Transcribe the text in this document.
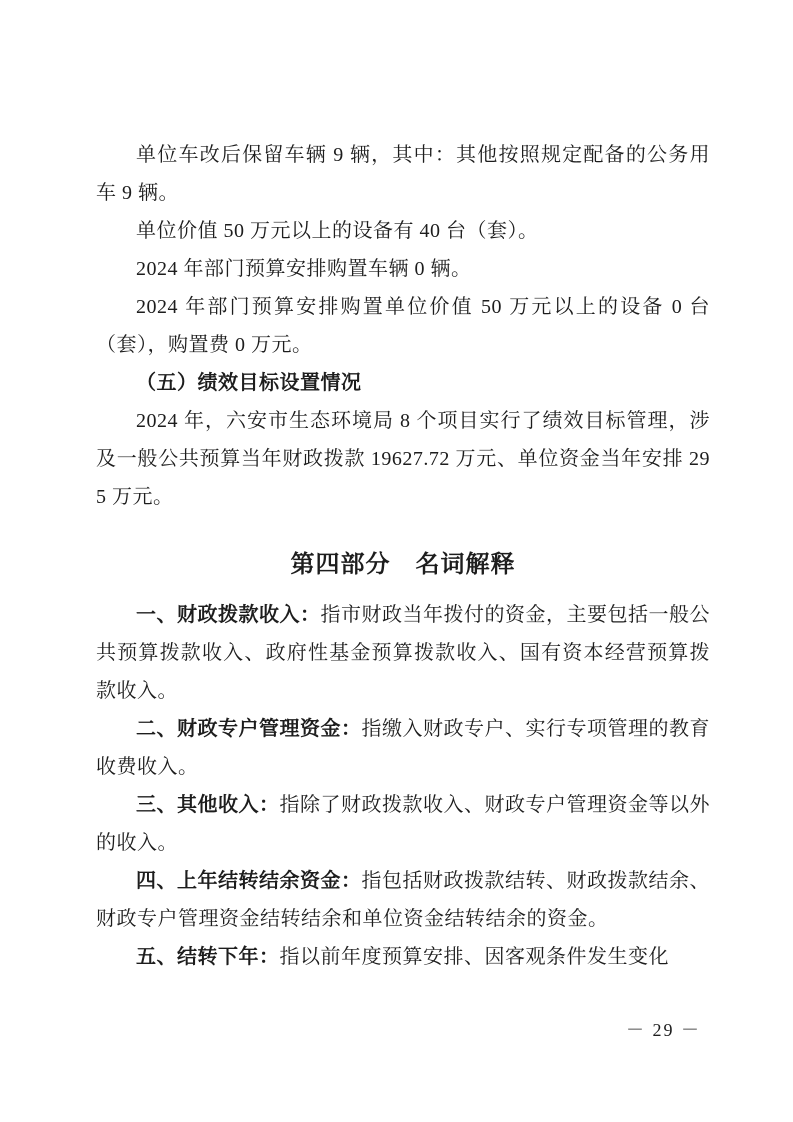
单位车改后保留车辆 9 辆，其中：其他按照规定配备的公务用车 9 辆。

单位价值 50 万元以上的设备有 40 台（套）。

2024 年部门预算安排购置车辆 0 辆。

2024 年部门预算安排购置单位价值 50 万元以上的设备 0 台（套），购置费 0 万元。

（五）绩效目标设置情况

2024 年，六安市生态环境局 8 个项目实行了绩效目标管理，涉及一般公共预算当年财政拨款 19627.72 万元、单位资金当年安排 295 万元。

第四部分　名词解释

一、财政拨款收入：指市财政当年拨付的资金，主要包括一般公共预算拨款收入、政府性基金预算拨款收入、国有资本经营预算拨款收入。

二、财政专户管理资金：指缴入财政专户、实行专项管理的教育收费收入。

三、其他收入：指除了财政拨款收入、财政专户管理资金等以外的收入。

四、上年结转结余资金：指包括财政拨款结转、财政拨款结余、财政专户管理资金结转结余和单位资金结转结余的资金。

五、结转下年：指以前年度预算安排、因客观条件发生变化

－ 29 －
